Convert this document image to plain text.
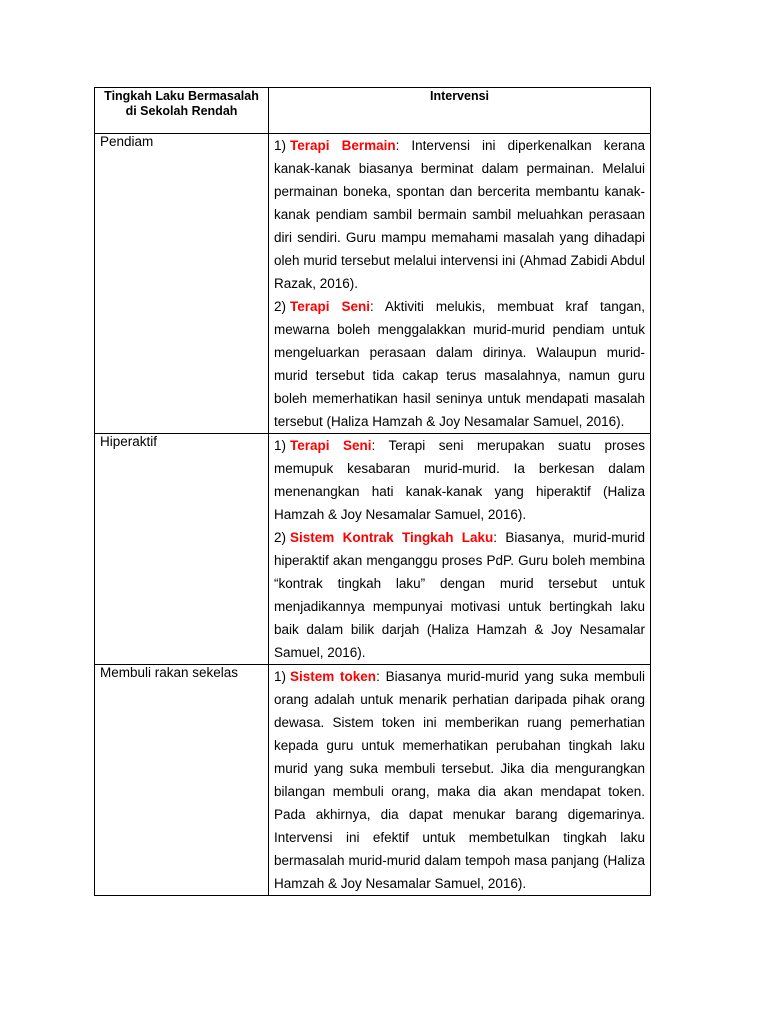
Tingkah Laku Bermasalah di Sekolah Rendah	Intervensi
Pendiam	1) Terapi Bermain: Intervensi ini diperkenalkan kerana kanak-kanak biasanya berminat dalam permainan. Melalui permainan boneka, spontan dan bercerita membantu kanak-kanak pendiam sambil bermain sambil meluahkan perasaan diri sendiri. Guru mampu memahami masalah yang dihadapi oleh murid tersebut melalui intervensi ini (Ahmad Zabidi Abdul Razak, 2016).

2) Terapi Seni: Aktiviti melukis, membuat kraf tangan, mewarna boleh menggalakkan murid-murid pendiam untuk mengeluarkan perasaan dalam dirinya. Walaupun murid-murid tersebut tida cakap terus masalahnya, namun guru boleh memerhatikan hasil seninya untuk mendapati masalah tersebut (Haliza Hamzah & Joy Nesamalar Samuel, 2016).

Hiperaktif	1) Terapi Seni: Terapi seni merupakan suatu proses memupuk kesabaran murid-murid. Ia berkesan dalam menenangkan hati kanak-kanak yang hiperaktif (Haliza Hamzah & Joy Nesamalar Samuel, 2016).

2) Sistem Kontrak Tingkah Laku: Biasanya, murid-murid hiperaktif akan menganggu proses PdP. Guru boleh membina “kontrak tingkah laku” dengan murid tersebut untuk menjadikannya mempunyai motivasi untuk bertingkah laku baik dalam bilik darjah (Haliza Hamzah & Joy Nesamalar Samuel, 2016).

Membuli rakan sekelas	1) Sistem token: Biasanya murid-murid yang suka membuli orang adalah untuk menarik perhatian daripada pihak orang dewasa. Sistem token ini memberikan ruang pemerhatian kepada guru untuk memerhatikan perubahan tingkah laku murid yang suka membuli tersebut. Jika dia mengurangkan bilangan membuli orang, maka dia akan mendapat token. Pada akhirnya, dia dapat menukar barang digemarinya. Intervensi ini efektif untuk membetulkan tingkah laku bermasalah murid-murid dalam tempoh masa panjang (Haliza Hamzah & Joy Nesamalar Samuel, 2016).
